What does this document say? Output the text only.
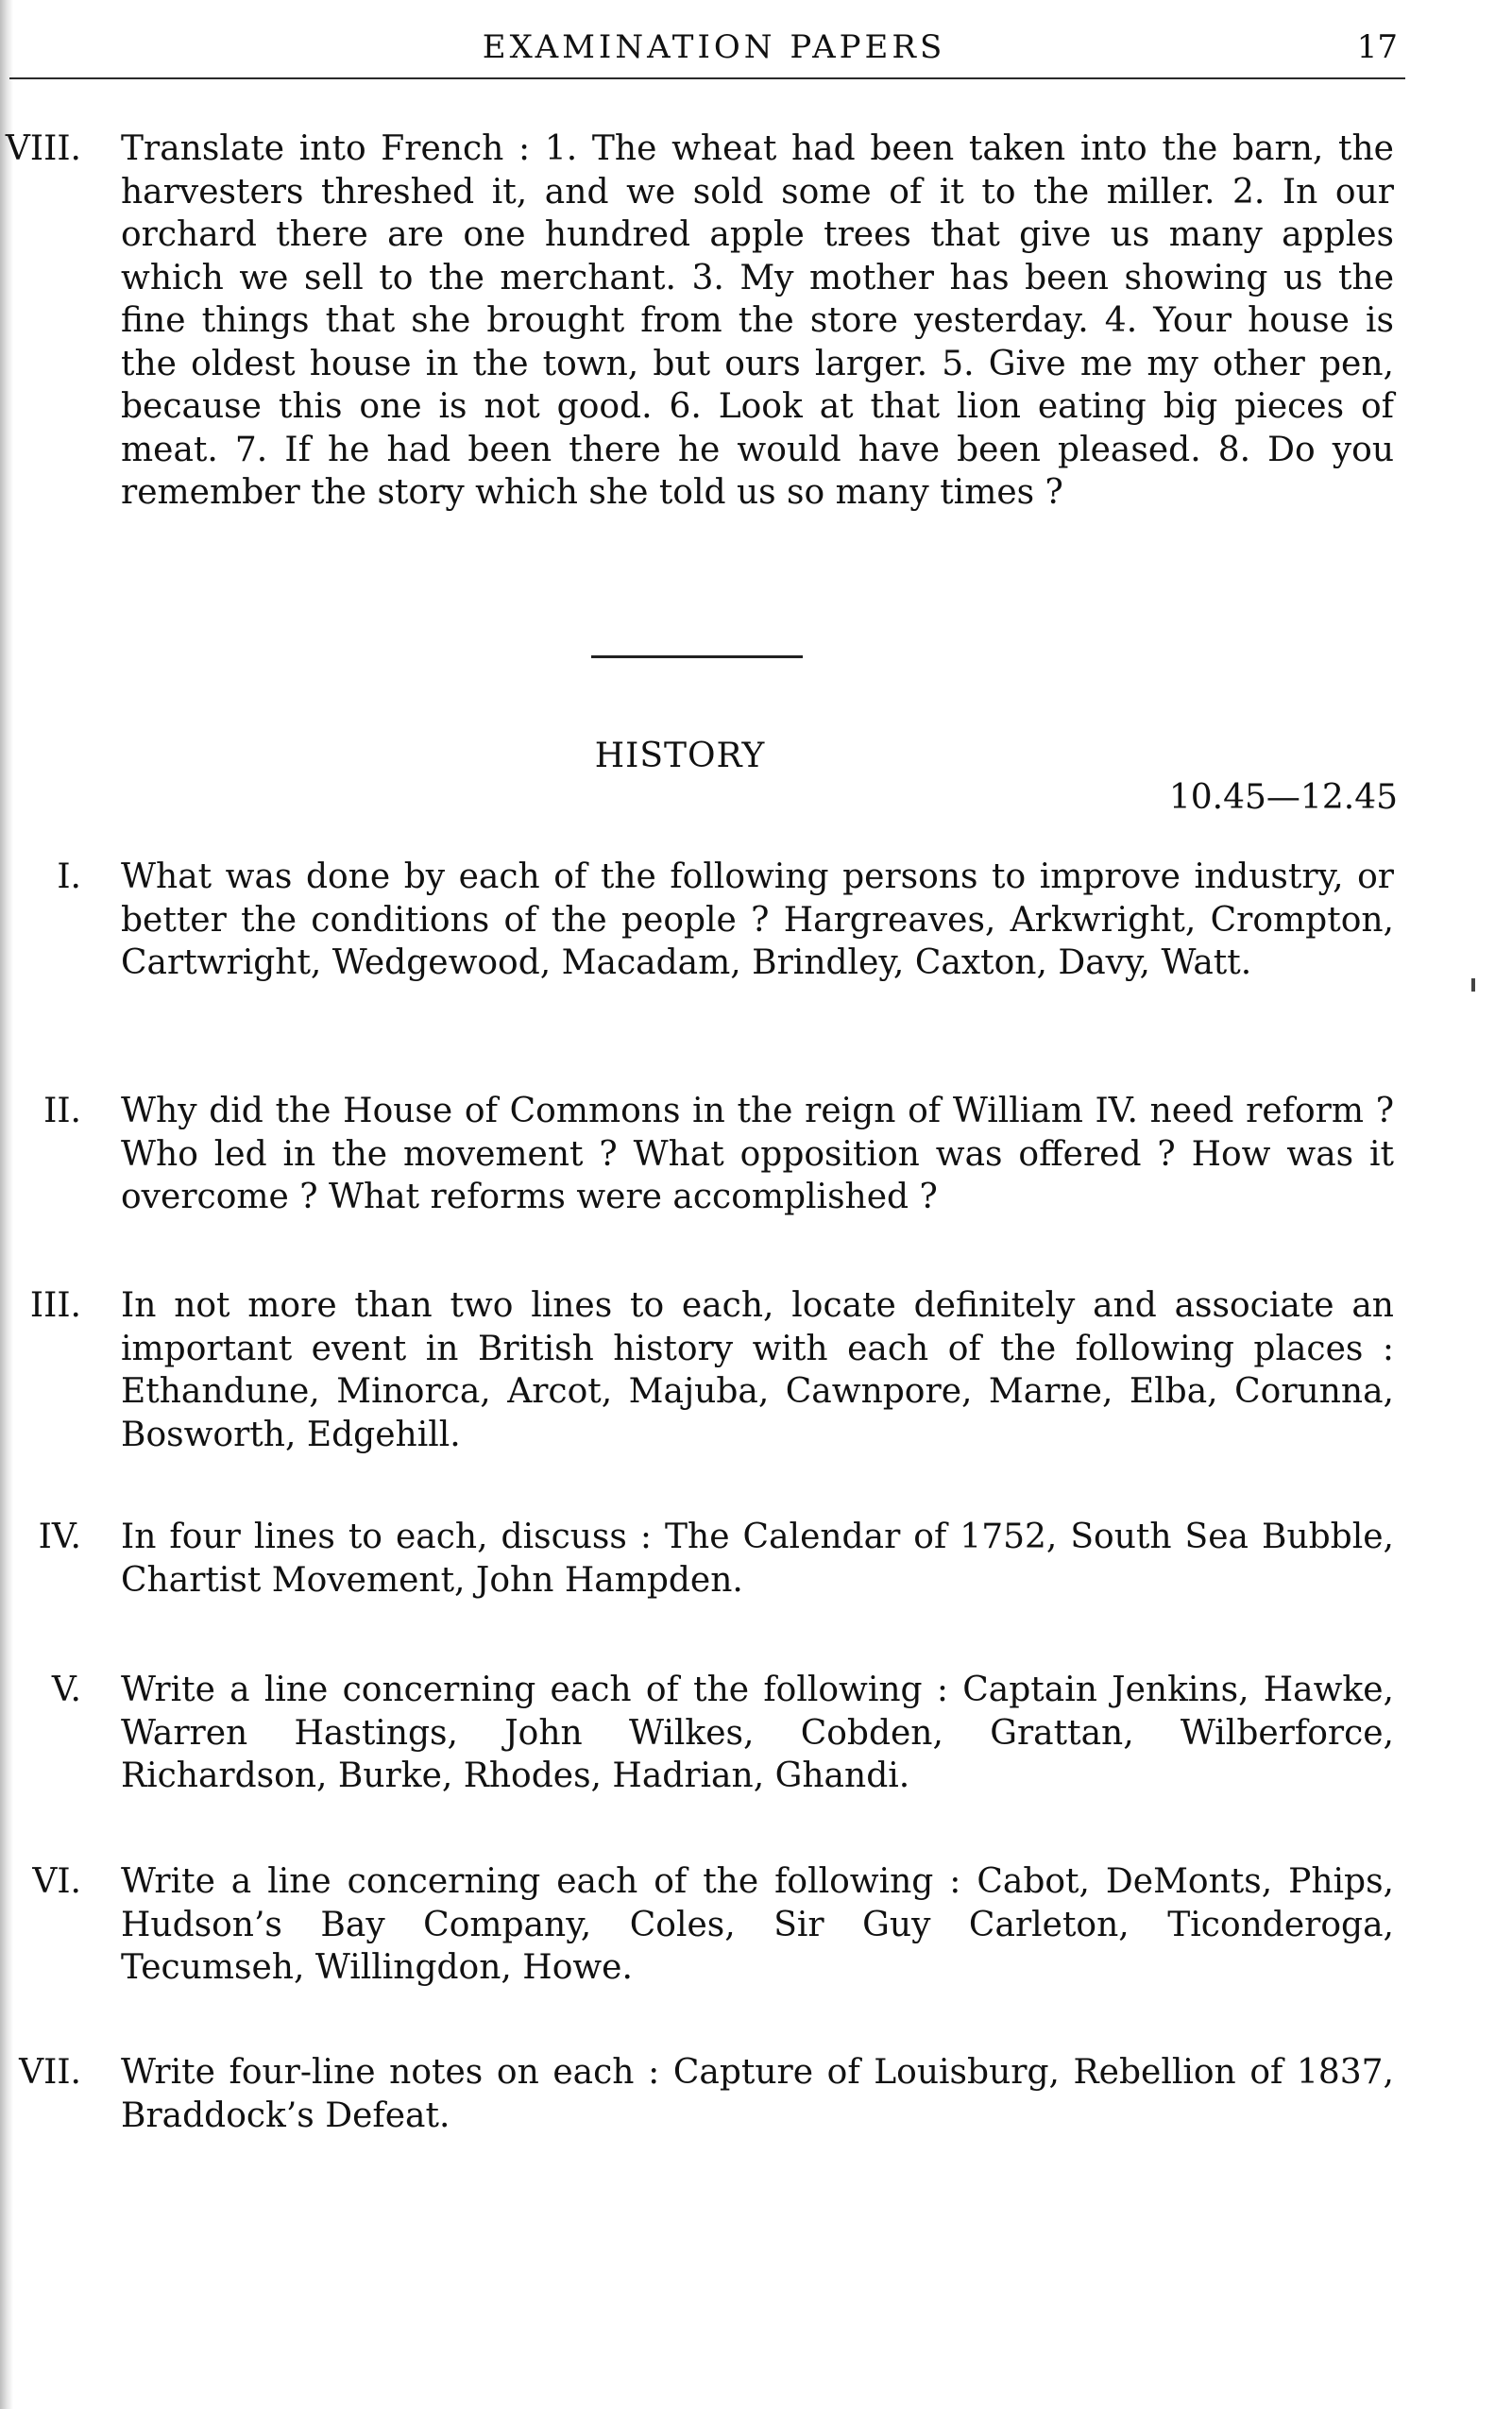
EXAMINATION PAPERS	17
VIII. Translate into French : 1. The wheat had been taken into the barn, the harvesters threshed it, and we sold some of it to the miller. 2. In our orchard there are one hundred apple trees that give us many apples which we sell to the merchant. 3. My mother has been showing us the fine things that she brought from the store yesterday. 4. Your house is the oldest house in the town, but ours larger. 5. Give me my other pen, because this one is not good. 6. Look at that lion eating big pieces of meat. 7. If he had been there he would have been pleased. 8. Do you remember the story which she told us so many times ?
HISTORY
10.45—12.45
I. What was done by each of the following persons to improve industry, or better the conditions of the people ? Hargreaves, Arkwright, Crompton, Cartwright, Wedgewood, Macadam, Brindley, Caxton, Davy, Watt.
II. Why did the House of Commons in the reign of William IV. need reform ? Who led in the movement ? What opposition was offered ? How was it overcome ? What reforms were accomplished ?
III. In not more than two lines to each, locate definitely and associate an important event in British history with each of the following places : Ethandune, Minorca, Arcot, Majuba, Cawnpore, Marne, Elba, Corunna, Bosworth, Edgehill.
IV. In four lines to each, discuss : The Calendar of 1752, South Sea Bubble, Chartist Movement, John Hampden.
V. Write a line concerning each of the following : Captain Jenkins, Hawke, Warren Hastings, John Wilkes, Cobden, Grattan, Wilberforce, Richardson, Burke, Rhodes, Hadrian, Ghandi.
VI. Write a line concerning each of the following : Cabot, DeMonts, Phips, Hudson’s Bay Company, Coles, Sir Guy Carleton, Ticonderoga, Tecumseh, Willingdon, Howe.
VII. Write four-line notes on each : Capture of Louisburg, Rebellion of 1837, Braddock’s Defeat.
